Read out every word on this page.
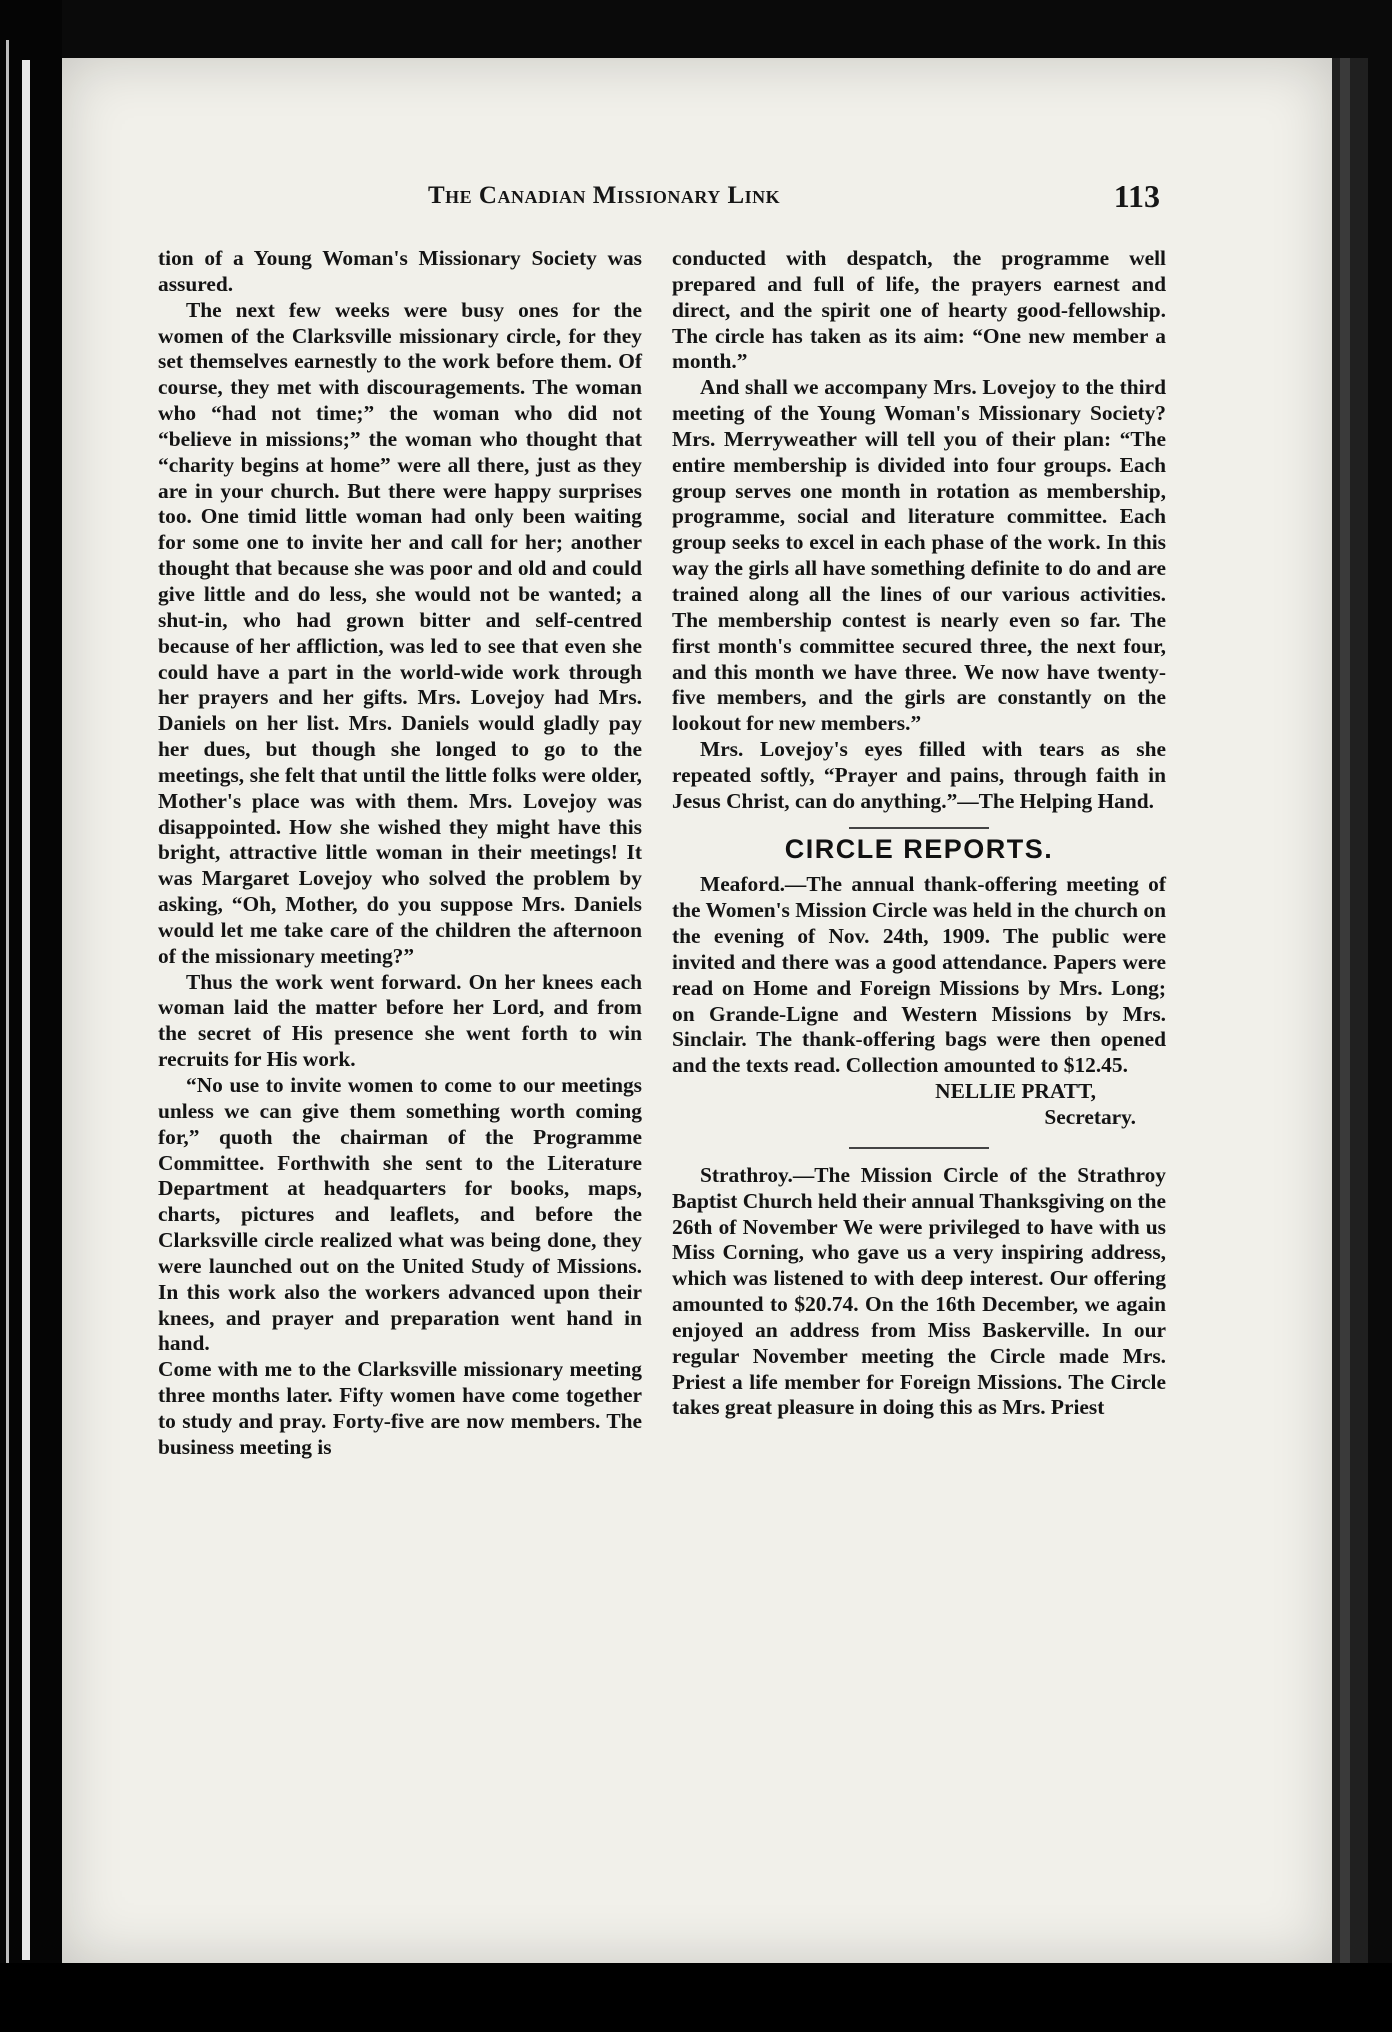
The Canadian Missionary Link	113

tion of a Young Woman's Missionary Society was assured.

The next few weeks were busy ones for the women of the Clarksville missionary circle, for they set themselves earnestly to the work before them. Of course, they met with discouragements. The woman who “had not time;” the woman who did not “believe in missions;” the woman who thought that “charity begins at home” were all there, just as they are in your church. But there were happy surprises too. One timid little woman had only been waiting for some one to invite her and call for her; another thought that because she was poor and old and could give little and do less, she would not be wanted; a shut-in, who had grown bitter and self-centred because of her affliction, was led to see that even she could have a part in the world-wide work through her prayers and her gifts. Mrs. Lovejoy had Mrs. Daniels on her list. Mrs. Daniels would gladly pay her dues, but though she longed to go to the meetings, she felt that until the little folks were older, Mother's place was with them. Mrs. Lovejoy was disappointed. How she wished they might have this bright, attractive little woman in their meetings! It was Margaret Lovejoy who solved the problem by asking, “Oh, Mother, do you suppose Mrs. Daniels would let me take care of the children the afternoon of the missionary meeting?”

Thus the work went forward. On her knees each woman laid the matter before her Lord, and from the secret of His presence she went forth to win recruits for His work.

“No use to invite women to come to our meetings unless we can give them something worth coming for,” quoth the chairman of the Programme Committee. Forthwith she sent to the Literature Department at headquarters for books, maps, charts, pictures and leaflets, and before the Clarksville circle realized what was being done, they were launched out on the United Study of Missions. In this work also the workers advanced upon their knees, and prayer and preparation went hand in hand.

Come with me to the Clarksville missionary meeting three months later. Fifty women have come together to study and pray. Forty-five are now members. The business meeting is

conducted with despatch, the programme well prepared and full of life, the prayers earnest and direct, and the spirit one of hearty good-fellowship. The circle has taken as its aim: “One new member a month.”

And shall we accompany Mrs. Lovejoy to the third meeting of the Young Woman's Missionary Society? Mrs. Merryweather will tell you of their plan: “The entire membership is divided into four groups. Each group serves one month in rotation as membership, programme, social and literature committee. Each group seeks to excel in each phase of the work. In this way the girls all have something definite to do and are trained along all the lines of our various activities. The membership contest is nearly even so far. The first month's committee secured three, the next four, and this month we have three. We now have twenty-five members, and the girls are constantly on the lookout for new members.”

Mrs. Lovejoy's eyes filled with tears as she repeated softly, “Prayer and pains, through faith in Jesus Christ, can do anything.”—The Helping Hand.

CIRCLE REPORTS.

Meaford.—The annual thank-offering meeting of the Women's Mission Circle was held in the church on the evening of Nov. 24th, 1909. The public were invited and there was a good attendance. Papers were read on Home and Foreign Missions by Mrs. Long; on Grande-Ligne and Western Missions by Mrs. Sinclair. The thank-offering bags were then opened and the texts read. Collection amounted to $12.45.

NELLIE PRATT,
Secretary.

Strathroy.—The Mission Circle of the Strathroy Baptist Church held their annual Thanksgiving on the 26th of November We were privileged to have with us Miss Corning, who gave us a very inspiring address, which was listened to with deep interest. Our offering amounted to $20.74. On the 16th December, we again enjoyed an address from Miss Baskerville. In our regular November meeting the Circle made Mrs. Priest a life member for Foreign Missions. The Circle takes great pleasure in doing this as Mrs. Priest
